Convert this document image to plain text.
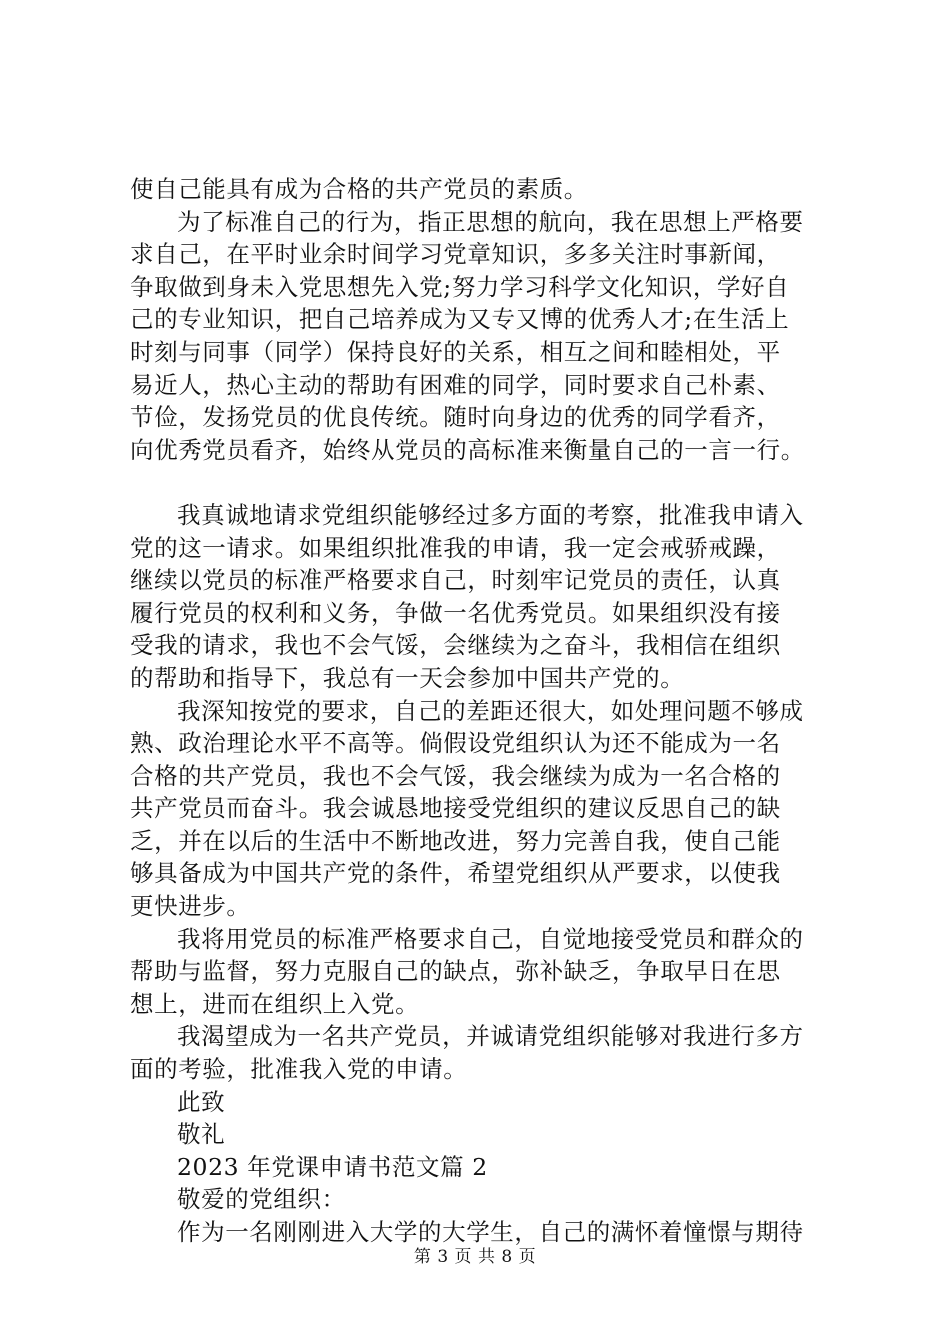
使自己能具有成为合格的共产党员的素质。
为了标准自己的行为，指正思想的航向，我在思想上严格要
求自己，在平时业余时间学习党章知识，多多关注时事新闻，
争取做到身未入党思想先入党;努力学习科学文化知识，学好自
己的专业知识，把自己培养成为又专又博的优秀人才;在生活上
时刻与同事（同学）保持良好的关系，相互之间和睦相处，平
易近人，热心主动的帮助有困难的同学，同时要求自己朴素、
节俭，发扬党员的优良传统。随时向身边的优秀的同学看齐，
向优秀党员看齐，始终从党员的高标准来衡量自己的一言一行。
我真诚地请求党组织能够经过多方面的考察，批准我申请入
党的这一请求。如果组织批准我的申请，我一定会戒骄戒躁，
继续以党员的标准严格要求自己，时刻牢记党员的责任，认真
履行党员的权利和义务，争做一名优秀党员。如果组织没有接
受我的请求，我也不会气馁，会继续为之奋斗，我相信在组织
的帮助和指导下，我总有一天会参加中国共产党的。
我深知按党的要求，自己的差距还很大，如处理问题不够成
熟、政治理论水平不高等。倘假设党组织认为还不能成为一名
合格的共产党员，我也不会气馁，我会继续为成为一名合格的
共产党员而奋斗。我会诚恳地接受党组织的建议反思自己的缺
乏，并在以后的生活中不断地改进，努力完善自我，使自己能
够具备成为中国共产党的条件，希望党组织从严要求，以使我
更快进步。
我将用党员的标准严格要求自己，自觉地接受党员和群众的
帮助与监督，努力克服自己的缺点，弥补缺乏，争取早日在思
想上，进而在组织上入党。
我渴望成为一名共产党员，并诚请党组织能够对我进行多方
面的考验，批准我入党的申请。
此致
敬礼
2023 年党课申请书范文篇 2
敬爱的党组织：
作为一名刚刚进入大学的大学生，自己的满怀着憧憬与期待
第 3 页 共 8 页
